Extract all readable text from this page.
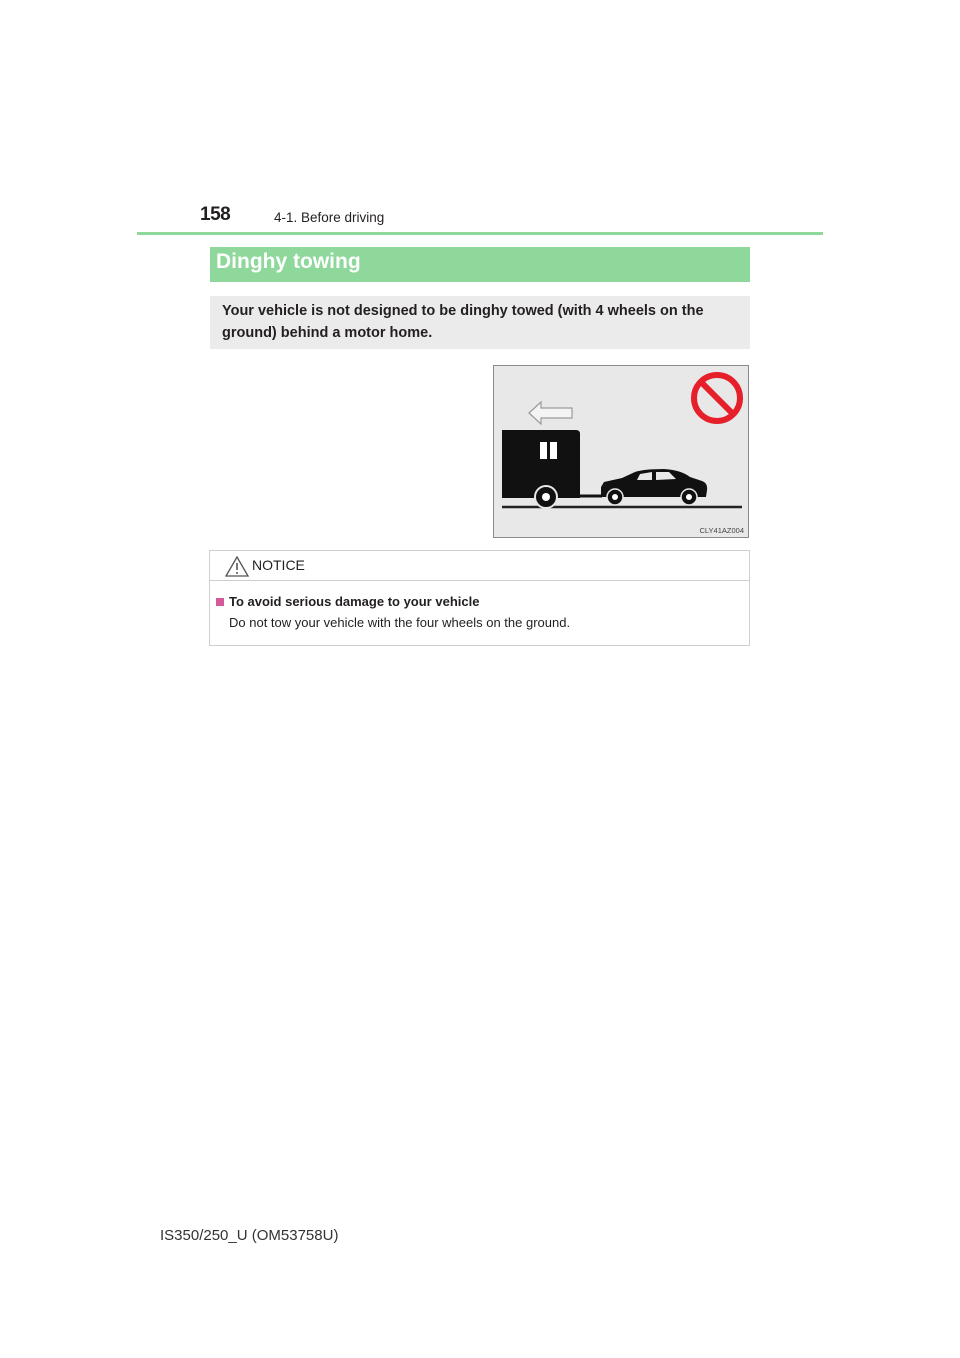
158	4-1. Before driving
Dinghy towing

Your vehicle is not designed to be dinghy towed (with 4 wheels on the ground) behind a motor home.

CLY41AZ004
NOTICE
To avoid serious damage to your vehicle
Do not tow your vehicle with the four wheels on the ground.
IS350/250_U (OM53758U)
